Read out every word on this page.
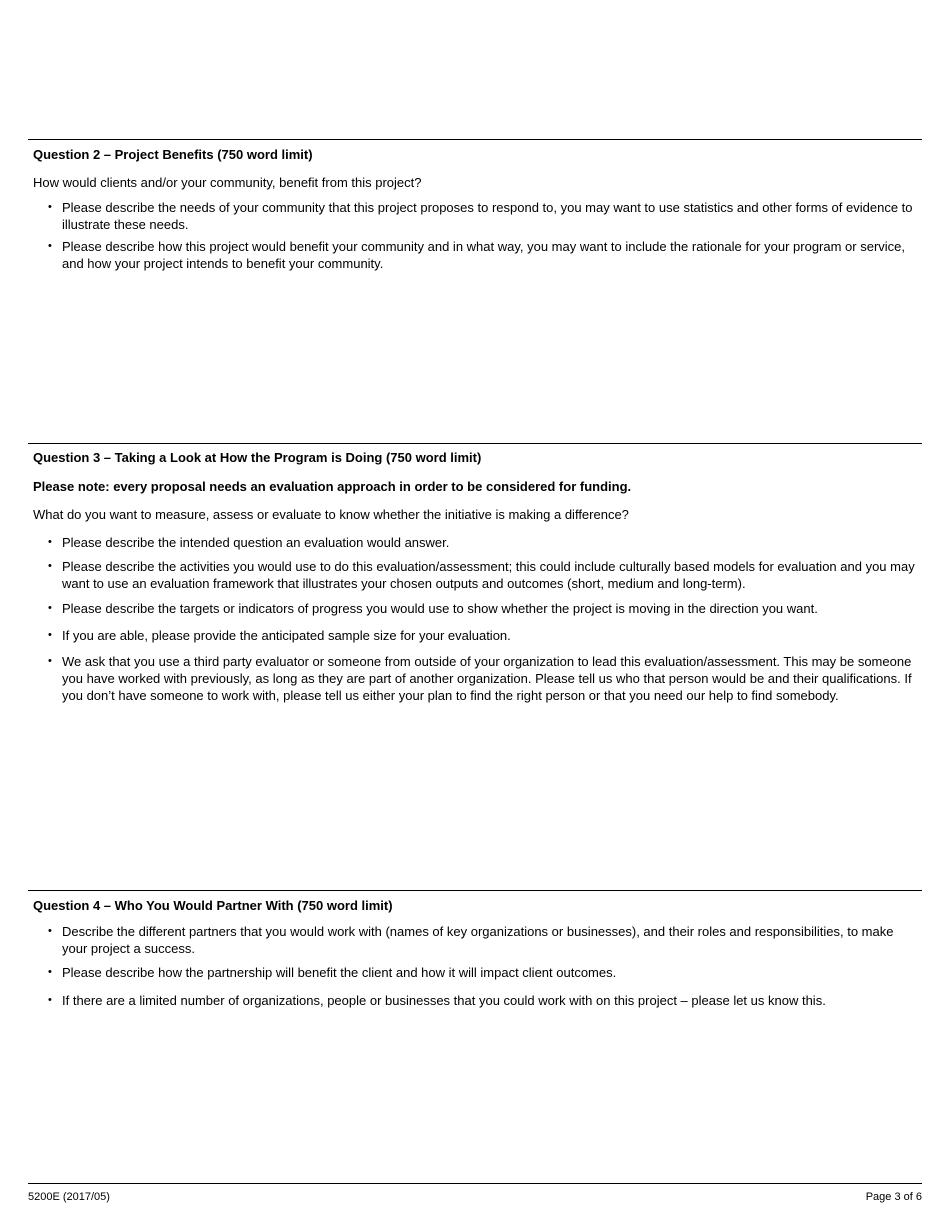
Question 2 – Project Benefits (750 word limit)

How would clients and/or your community, benefit from this project?

• Please describe the needs of your community that this project proposes to respond to, you may want to use statistics and other forms of evidence to illustrate these needs.
• Please describe how this project would benefit your community and in what way, you may want to include the rationale for your program or service, and how your project intends to benefit your community.

Question 3 – Taking a Look at How the Program is Doing (750 word limit)

Please note: every proposal needs an evaluation approach in order to be considered for funding.

What do you want to measure, assess or evaluate to know whether the initiative is making a difference?

• Please describe the intended question an evaluation would answer.
• Please describe the activities you would use to do this evaluation/assessment; this could include culturally based models for evaluation and you may want to use an evaluation framework that illustrates your chosen outputs and outcomes (short, medium and long-term).
• Please describe the targets or indicators of progress you would use to show whether the project is moving in the direction you want.
• If you are able, please provide the anticipated sample size for your evaluation.
• We ask that you use a third party evaluator or someone from outside of your organization to lead this evaluation/assessment. This may be someone you have worked with previously, as long as they are part of another organization. Please tell us who that person would be and their qualifications. If you don’t have someone to work with, please tell us either your plan to find the right person or that you need our help to find somebody.

Question 4 – Who You Would Partner With (750 word limit)

• Describe the different partners that you would work with (names of key organizations or businesses), and their roles and responsibilities, to make your project a success.
• Please describe how the partnership will benefit the client and how it will impact client outcomes.
• If there are a limited number of organizations, people or businesses that you could work with on this project – please let us know this.
5200E (2017/05)	Page 3 of 6
